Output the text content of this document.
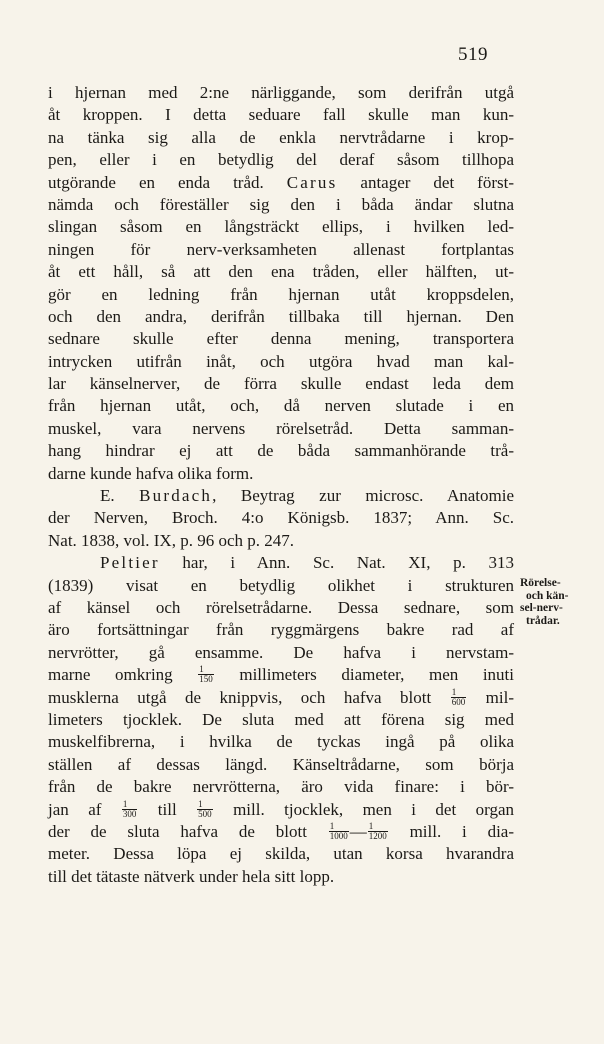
519
i hjernan med 2:ne närliggande, som derifrån utgå
åt kroppen. I detta seduare fall skulle man kun-
na tänka sig alla de enkla nervtrådarne i krop-
pen, eller i en betydlig del deraf såsom tillhopa
utgörande en enda tråd. Carus antager det först-
nämda och föreställer sig den i båda ändar slutna
slingan såsom en långsträckt ellips, i hvilken led-
ningen för nerv-verksamheten allenast fortplantas
åt ett håll, så att den ena tråden, eller hälften, ut-
gör en ledning från hjernan utåt kroppsdelen,
och den andra, derifrån tillbaka till hjernan. Den
sednare skulle efter denna mening, transportera
intrycken utifrån inåt, och utgöra hvad man kal-
lar känselnerver, de förra skulle endast leda dem
från hjernan utåt, och, då nerven slutade i en
muskel, vara nervens rörelsetråd. Detta samman-
hang hindrar ej att de båda sammanhörande trå-
darne kunde hafva olika form.
E. Burdach, Beytrag zur microsc. Anatomie
der Nerven, Broch. 4:o Königsb. 1837; Ann. Sc.
Nat. 1838, vol. IX, p. 96 och p. 247.
Peltier har, i Ann. Sc. Nat. XI, p. 313
(1839) visat en betydlig olikhet i strukturen
af känsel och rörelsetrådarne. Dessa sednare, som
äro fortsättningar från ryggmärgens bakre rad af
nervrötter, gå ensamme. De hafva i nervstam-
marne omkring $\frac{1}{150}$ millimeters diameter, men inuti
musklerna utgå de knippvis, och hafva blott $\frac{1}{600} mil-$
limeters tjocklek. De sluta med att förena sig med
muskelfibrerna, i hvilka de tyckas ingå på olika
ställen af dessas längd. Känseltrådarne, som börja
från de bakre nervrötterna, äro vida finare: i bör-
jan af $\frac{1}{300}$ till $\frac{1}{500}$ mill. tjocklek, men i det organ
der de sluta hafva de blott $\frac{1}{1000}$ — $\frac{1}{1200}$ mill. i dia-
meter. Dessa löpa ej skilda, utan korsa hvarandra
till det tätaste nätverk under hela sitt lopp.
Rörelse-
och kän-
sel-nerv-
trådar.
